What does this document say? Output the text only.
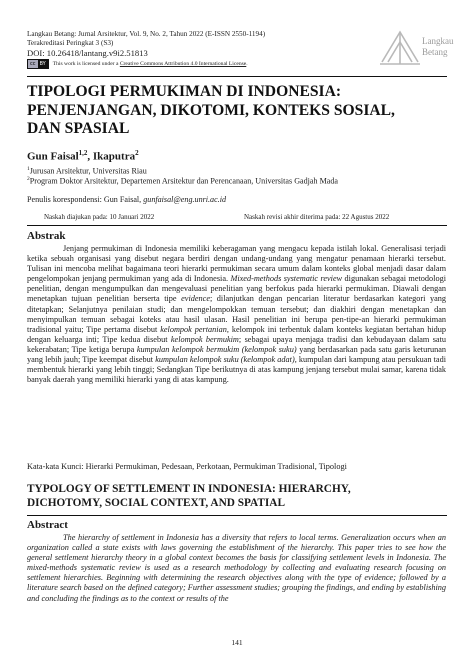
Langkau Betang: Jurnal Arsitektur, Vol. 9, No. 2, Tahun 2022 (E-ISSN 2550-1194)
Terakreditasi Peringkat 3 (S3)
DOI: 10.26418/lantang.v9i2.51813
cc BY	This work is licensed under a Creative Commons Attribution 4.0 International License.
Langkau
Betang
TIPOLOGI PERMUKIMAN DI INDONESIA:
PENJENJANGAN, DIKOTOMI, KONTEKS SOSIAL,
DAN SPASIAL
Gun Faisal$^{1,2}$, Ikaputra$^2$
$^1$Jurusan Arsitektur, Universitas Riau
$^2$Program Doktor Arsitektur, Departemen Arsitektur dan Perencanaan, Universitas Gadjah Mada
Penulis korespondensi: Gun Faisal, gunfaisal@eng.unri.ac.id
Naskah diajukan pada: 10 Januari 2022	Naskah revisi akhir diterima pada: 22 Agustus 2022
Abstrak

Jenjang permukiman di Indonesia memiliki keberagaman yang mengacu kepada istilah lokal. Generalisasi terjadi ketika sebuah organisasi yang disebut negara berdiri dengan undang-undang yang mengatur penamaan hierarki tersebut. Tulisan ini mencoba melihat bagaimana teori hierarki permukiman secara umum dalam konteks global menjadi dasar dalam pengelompokan jenjang permukiman yang ada di Indonesia. Mixed-methods systematic review digunakan sebagai metodologi penelitian, dengan mengumpulkan dan mengevaluasi penelitian yang berfokus pada hierarki permukiman. Diawali dengan menetapkan tujuan penelitian berserta tipe evidence; dilanjutkan dengan pencarian literatur berdasarkan kategori yang ditetapkan; Selanjutnya penilaian studi; dan mengelompokkan temuan tersebut; dan diakhiri dengan menetapkan dan menyimpulkan temuan sebagai koteks atau hasil ulasan. Hasil penelitian ini berupa pen-tipe-an hierarki permukiman tradisional yaitu; Tipe pertama disebut kelompok pertanian, kelompok ini terbentuk dalam konteks kegiatan bertahan hidup dengan keluarga inti; Tipe kedua disebut kelompok bermukim; sebagai upaya menjaga tradisi dan kebudayaan dalam satu kekerabatan; Tipe ketiga berupa kumpulan kelompok bermukim (kelompok suku) yang berdasarkan pada satu garis keturunan yang lebih jauh; Tipe keempat disebut kumpulan kelompok suku (kelompok adat), kumpulan dari kampung atau persukuan tadi membentuk hierarki yang lebih tinggi; Sedangkan Tipe berikutnya di atas kampung jenjang tersebut mulai samar, karena tidak banyak daerah yang memiliki hierarki yang di atas kampung.

Kata-kata Kunci: Hierarki Permukiman, Pedesaan, Perkotaan, Permukiman Tradisional, Tipologi
TYPOLOGY OF SETTLEMENT IN INDONESIA: HIERARCHY,
DICHOTOMY, SOCIAL CONTEXT, AND SPATIAL
Abstract

The hierarchy of settlement in Indonesia has a diversity that refers to local terms. Generalization occurs when an organization called a state exists with laws governing the establishment of the hierarchy. This paper tries to see how the general settlement hierarchy theory in a global context becomes the basis for classifying settlement levels in Indonesia. The mixed-methods systematic review is used as a research methodology by collecting and evaluating research focusing on settlement hierarchies. Beginning with determining the research objectives along with the type of evidence; followed by a literature search based on the defined category; Further assessment studies; grouping the findings, and ending by establishing and concluding the findings as to the context or results of the

141
